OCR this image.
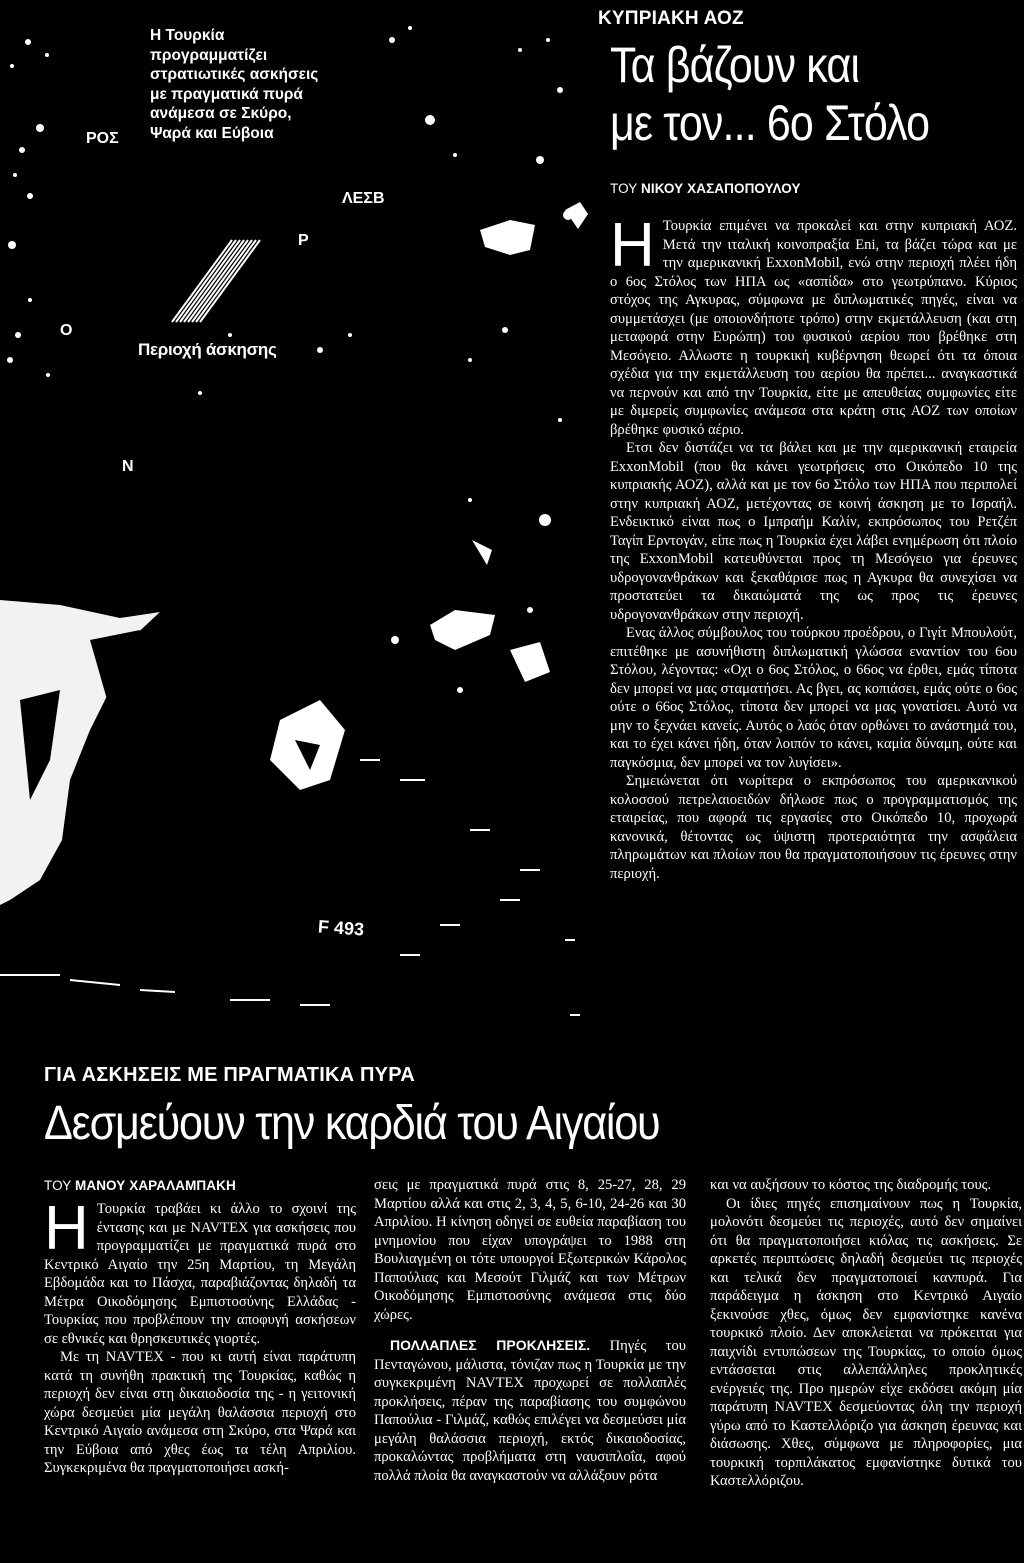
Η Τουρκία προγραμματίζει στρατιωτικές ασκήσεις με πραγματικά πυρά ανάμεσα σε Σκύρο, Ψαρά και Εύβοια
ΡΟΣ
ΛΕΣΒ
Ρ
Ο
Ν
Περιοχή άσκησης
F 493
ΚΥΠΡΙΑΚΗ ΑΟΖ
Τα βάζουν και
με τον... 6ο Στόλο
ΤΟΥ ΝΙΚΟΥ ΧΑΣΑΠΟΠΟΥΛΟΥ
Η Τουρκία επιμένει να προκαλεί και στην κυπριακή ΑΟΖ. Μετά την ιταλική κοινοπραξία Eni, τα βάζει τώρα και με την αμερικανική ExxonMobil, ενώ στην περιοχή πλέει ήδη ο 6ος Στόλος των ΗΠΑ ως «ασπίδα» στο γεωτρύπανο. Κύριος στόχος της Αγκυρας, σύμφωνα με διπλωματικές πηγές, είναι να συμμετάσχει (με οποιονδήποτε τρόπο) στην εκμετάλλευση (και στη μεταφορά στην Ευρώπη) του φυσικού αερίου που βρέθηκε στη Μεσόγειο. Αλλωστε η τουρκική κυβέρνηση θεωρεί ότι τα όποια σχέδια για την εκμετάλλευση του αερίου θα πρέπει... αναγκαστικά να περνούν και από την Τουρκία, είτε με απευθείας συμφωνίες είτε με διμερείς συμφωνίες ανάμεσα στα κράτη στις ΑΟΖ των οποίων βρέθηκε φυσικό αέριο.

Ετσι δεν διστάζει να τα βάλει και με την αμερικανική εταιρεία ExxonMobil (που θα κάνει γεωτρήσεις στο Οικόπεδο 10 της κυπριακής ΑΟΖ), αλλά και με τον 6ο Στόλο των ΗΠΑ που περιπολεί στην κυπριακή ΑΟΖ, μετέχοντας σε κοινή άσκηση με το Ισραήλ. Ενδεικτικό είναι πως ο Ιμπραήμ Καλίν, εκπρόσωπος του Ρετζέπ Ταγίπ Ερντογάν, είπε πως η Τουρκία έχει λάβει ενημέρωση ότι πλοίο της ExxonMobil κατευθύνεται προς τη Μεσόγειο για έρευνες υδρογονανθράκων και ξεκαθάρισε πως η Αγκυρα θα συνεχίσει να προστατεύει τα δικαιώματά της ως προς τις έρευνες υδρογονανθράκων στην περιοχή.

Ενας άλλος σύμβουλος του τούρκου προέδρου, ο Γιγίτ Μπουλούτ, επιτέθηκε με ασυνήθιστη διπλωματική γλώσσα εναντίον του 6ου Στόλου, λέγοντας: «Οχι ο 6ος Στόλος, ο 66ος να έρθει, εμάς τίποτα δεν μπορεί να μας σταματήσει. Ας βγει, ας κοπιάσει, εμάς ούτε ο 6ος ούτε ο 66ος Στόλος, τίποτα δεν μπορεί να μας γονατίσει. Αυτό να μην το ξεχνάει κανείς. Αυτός ο λαός όταν ορθώνει το ανάστημά του, και το έχει κάνει ήδη, όταν λοιπόν το κάνει, καμία δύναμη, ούτε και παγκόσμια, δεν μπορεί να τον λυγίσει».

Σημειώνεται ότι νωρίτερα ο εκπρόσωπος του αμερικανικού κολοσσού πετρελαιοειδών δήλωσε πως ο προγραμματισμός της εταιρείας, που αφορά τις εργασίες στο Οικόπεδο 10, προχωρά κανονικά, θέτοντας ως ύψιστη προτεραιότητα την ασφάλεια πληρωμάτων και πλοίων που θα πραγματοποιήσουν τις έρευνες στην περιοχή.

ΓΙΑ ΑΣΚΗΣΕΙΣ ΜΕ ΠΡΑΓΜΑΤΙΚΑ ΠΥΡΑ
Δεσμεύουν την καρδιά του Αιγαίου
ΤΟΥ ΜΑΝΟΥ ΧΑΡΑΛΑΜΠΑΚΗ
Η Τουρκία τραβάει κι άλλο το σχοινί της έντασης και με NAVTEX για ασκήσεις που προγραμματίζει με πραγματικά πυρά στο Κεντρικό Αιγαίο την 25η Μαρτίου, τη Μεγάλη Εβδομάδα και το Πάσχα, παραβιάζοντας δηλαδή τα Μέτρα Οικοδόμησης Εμπιστοσύνης Ελλάδας - Τουρκίας που προβλέπουν την αποφυγή ασκήσεων σε εθνικές και θρησκευτικές γιορτές.

Με τη NAVTEX - που κι αυτή είναι παράτυπη κατά τη συνήθη πρακτική της Τουρκίας, καθώς η περιοχή δεν είναι στη δικαιοδοσία της - η γειτονική χώρα δεσμεύει μία μεγάλη θαλάσσια περιοχή στο Κεντρικό Αιγαίο ανάμεσα στη Σκύρο, στα Ψαρά και την Εύβοια από χθες έως τα τέλη Απριλίου. Συγκεκριμένα θα πραγματοποιήσει ασκή-

σεις με πραγματικά πυρά στις 8, 25-27, 28, 29 Μαρτίου αλλά και στις 2, 3, 4, 5, 6-10, 24-26 και 30 Απριλίου. Η κίνηση οδηγεί σε ευθεία παραβίαση του μνημονίου που είχαν υπογράψει το 1988 στη Βουλιαγμένη οι τότε υπουργοί Εξωτερικών Κάρολος Παπούλιας και Μεσούτ Γιλμάζ και των Μέτρων Οικοδόμησης Εμπιστοσύνης ανάμεσα στις δύο χώρες.

ΠΟΛΛΑΠΛΕΣ ΠΡΟΚΛΗΣΕΙΣ. Πηγές του Πενταγώνου, μάλιστα, τόνιζαν πως η Τουρκία με την συγκεκριμένη NAVTEX προχωρεί σε πολλαπλές προκλήσεις, πέραν της παραβίασης του συμφώνου Παπούλια - Γιλμάζ, καθώς επιλέγει να δεσμεύσει μία μεγάλη θαλάσσια περιοχή, εκτός δικαιοδοσίας, προκαλώντας προβλήματα στη ναυσιπλοΐα, αφού πολλά πλοία θα αναγκαστούν να αλλάξουν ρότα

και να αυξήσουν το κόστος της διαδρομής τους.

Οι ίδιες πηγές επισημαίνουν πως η Τουρκία, μολονότι δεσμεύει τις περιοχές, αυτό δεν σημαίνει ότι θα πραγματοποιήσει κιόλας τις ασκήσεις. Σε αρκετές περιπτώσεις δηλαδή δεσμεύει τις περιοχές και τελικά δεν πραγματοποιεί κανπυρά. Για παράδειγμα η άσκηση στο Κεντρικό Αιγαίο ξεκινούσε χθες, όμως δεν εμφανίστηκε κανένα τουρκικό πλοίο. Δεν αποκλείεται να πρόκειται για παιχνίδι εντυπώσεων της Τουρκίας, το οποίο όμως εντάσσεται στις αλλεπάλληλες προκλητικές ενέργειές της. Προ ημερών είχε εκδόσει ακόμη μία παράτυπη NAVTEX δεσμεύοντας όλη την περιοχή γύρω από το Καστελλόριζο για άσκηση έρευνας και διάσωσης. Χθες, σύμφωνα με πληροφορίες, μια τουρκική τορπιλάκατος εμφανίστηκε δυτικά του Καστελλόριζου.
